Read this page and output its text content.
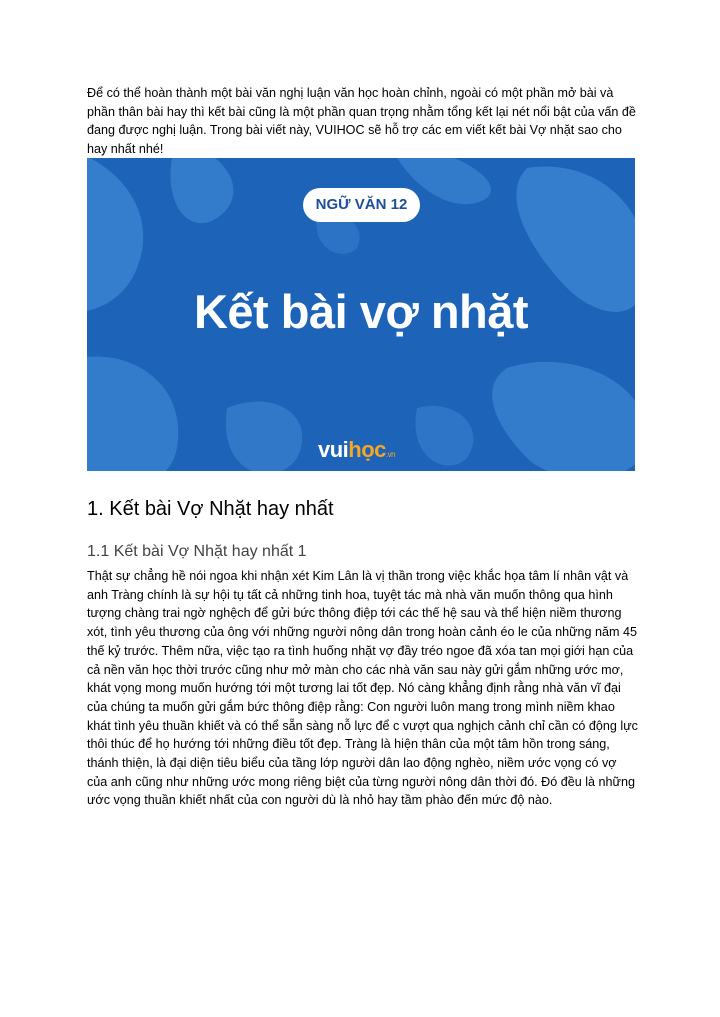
Để có thể hoàn thành một bài văn nghị luận văn học hoàn chỉnh, ngoài có một phần mở bài và phần thân bài hay thì kết bài cũng là một phần quan trọng nhằm tổng kết lại nét nổi bật của vấn đề đang được nghị luận. Trong bài viết này, VUIHOC sẽ hỗ trợ các em viết kết bài Vợ nhặt sao cho hay nhất nhé!

NGỮ VĂN 12
Kết bài vợ nhặt
vuihọc.vn
1. Kết bài Vợ Nhặt hay nhất
1.1 Kết bài Vợ Nhặt hay nhất 1

Thật sự chẳng hề nói ngoa khi nhận xét Kim Lân là vị thần trong việc khắc họa tâm lí nhân vật và anh Tràng chính là sự hội tụ tất cả những tinh hoa, tuyệt tác mà nhà văn muốn thông qua hình tượng chàng trai ngờ nghệch để gửi bức thông điệp tới các thế hệ sau và thể hiện niềm thương xót, tình yêu thương của ông với những người nông dân trong hoàn cảnh éo le của những năm 45 thế kỷ trước. Thêm nữa, việc tạo ra tình huống nhặt vợ đầy tréo ngoe đã xóa tan mọi giới hạn của cả nền văn học thời trước cũng như mở màn cho các nhà văn sau này gửi gắm những ước mơ, khát vọng mong muốn hướng tới một tương lai tốt đẹp. Nó càng khẳng định rằng nhà văn vĩ đại của chúng ta muốn gửi gắm bức thông điệp rằng: Con người luôn mang trong mình niềm khao khát tình yêu thuần khiết và có thể sẵn sàng nỗ lực để c vượt qua nghịch cảnh chỉ cần có động lực thôi thúc để họ hướng tới những điều tốt đẹp. Tràng là hiện thân của một tâm hồn trong sáng, thánh thiện, là đại diện tiêu biểu của tầng lớp người dân lao động nghèo, niềm ước vọng có vợ của anh cũng như những ước mong riêng biệt của từng người nông dân thời đó. Đó đều là những ước vọng thuần khiết nhất của con người dù là nhỏ hay tầm phào đến mức độ nào.
